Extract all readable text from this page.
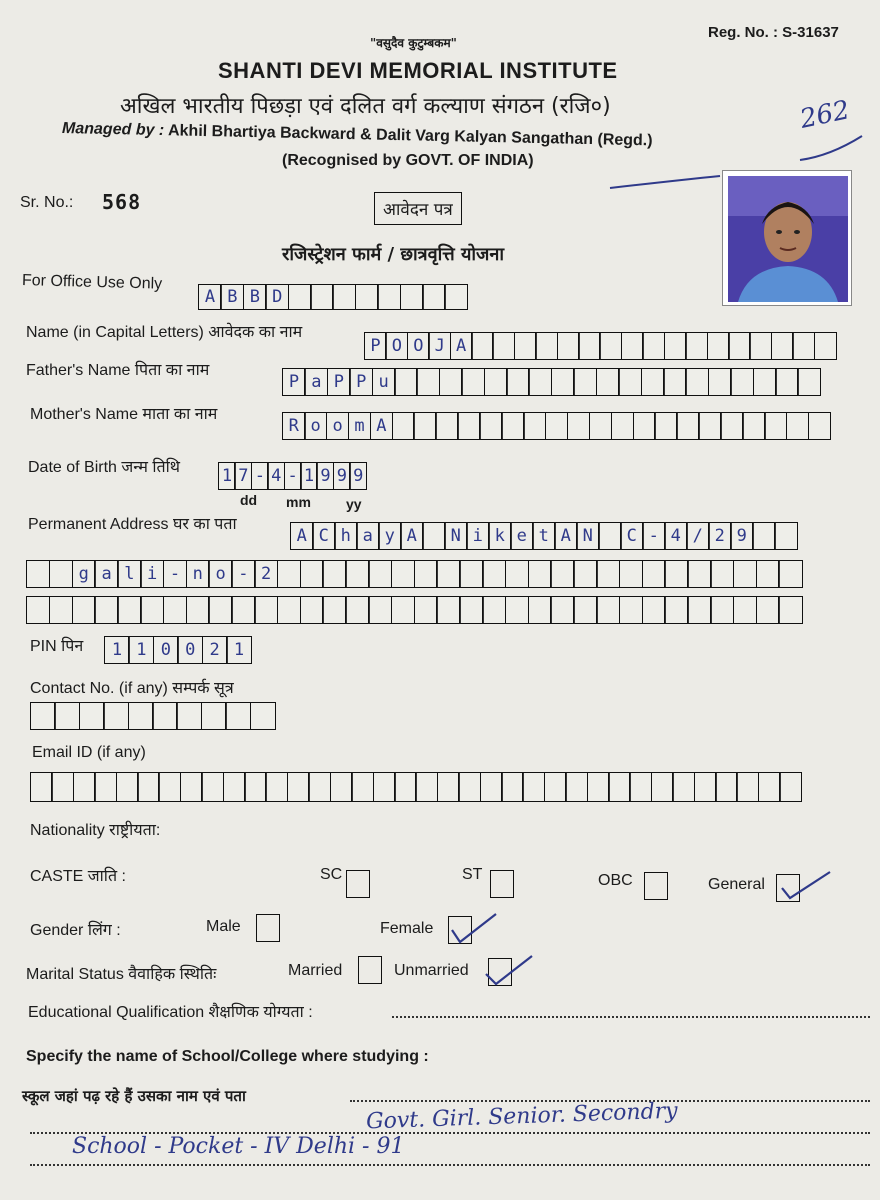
"वसुदैव कुटुम्बकम"
Reg. No. : S-31637
SHANTI DEVI MEMORIAL INSTITUTE
अखिल भारतीय पिछड़ा एवं दलित वर्ग कल्याण संगठन (रजि०)
Managed by : Akhil Bhartiya Backward & Dalit Varg Kalyan Sangathan (Regd.)
(Recognised by GOVT. OF INDIA)
262
Sr. No.: 568	आवेदन पत्र
रजिस्ट्रेशन फार्म / छात्रवृत्ति योजना
For Office Use Only
A B B D
Name (in Capital Letters) आवेदक का नाम
P O O J A
Father's Name पिता का नाम
P a P P u
Mother's Name माता का नाम
R o o m A
Date of Birth जन्म तिथि 1 7 - 4 - 1 9 9 9
dd mm	yy
Permanent Address घर का पता
A C h a y A	N i k e t A N	C - 4 / 2 9
g a l i - n o - 2
PIN पिन	1 1 0 0 2 1
Contact No. (if any) सम्पर्क सूत्र
Email ID (if any)
Nationality राष्ट्रीयता:
CASTE जाति :	SC	ST	OBC	General
Gender लिंग :	Male	Female
Marital Status वैवाहिक स्थितिः	Married	Unmarried
Educational Qualification शैक्षणिक योग्यता :
Specify the name of School/College where studying :
स्कूल जहां पढ़ रहे हैं उसका नाम एवं पता
Govt. Girl. Senior. Secondry
School - Pocket - IV Delhi - 91
